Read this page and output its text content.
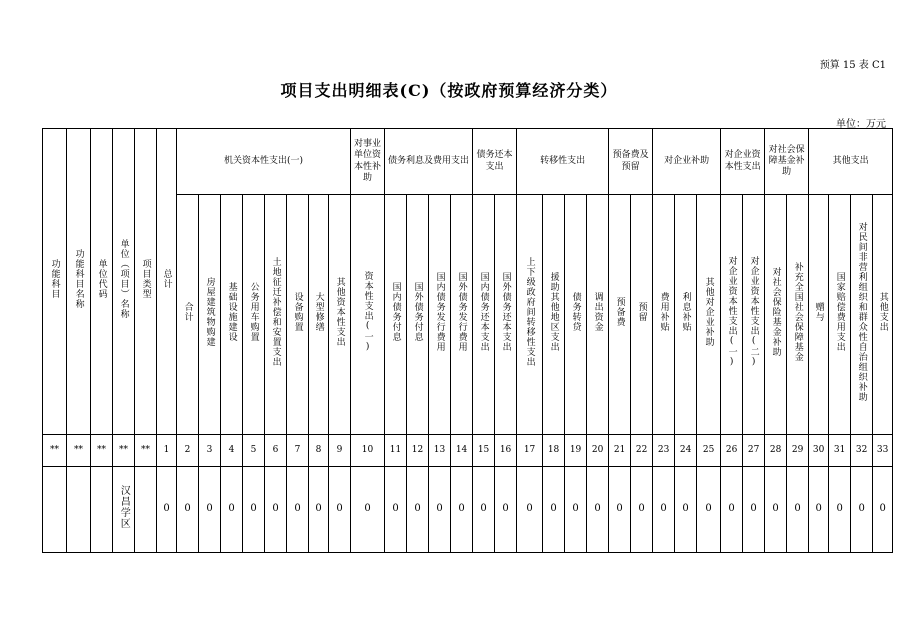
预算 15 表 C1
项目支出明细表(C)（按政府预算经济分类）
单位：万元
功能科目	功能科目名称	单位代码	单位（项目）名称	项目类型	总计	机关资本性支出(一)								对事业单位资本性补助	债务利息及费用支出				债务还本支出		转移性支出				预备费及预留		对企业补助			对企业资本性支出		对社会保障基金补助		其他支出			

						合计	房屋建筑物购建	基础设施建设	公务用车购置	土地征迁补偿和安置支出	设备购置	大型修缮	其他资本性支出	资本性支出(一)	国内债务付息	国外债务付息	国内债务发行费用	国外债务发行费用	国内债务还本支出	国外债务还本支出	上下级政府间转移性支出	援助其他地区支出	债务转贷	调出资金	预备费	预留	费用补贴	利息补贴	其他对企业补助	对企业资本性支出(一)	对企业资本性支出(二)	对社会保险基金补助	补充全国社会保障基金	赠与	国家赔偿费用支出	对民间非营利组织和群众性自治组织补助	其他支出
**	**	**	**	**	1	2	3	4	5	6	7	8	9	10	11	12	13	14	15	16	17	18	19	20	21	22	23	24	25	26	27	28	29	30	31	32	33
			汉昌学区		0	0	0	0	0	0	0	0	0	0	0	0	0	0	0	0	0	0	0	0	0	0	0	0	0	0	0	0	0	0	0	0	0
